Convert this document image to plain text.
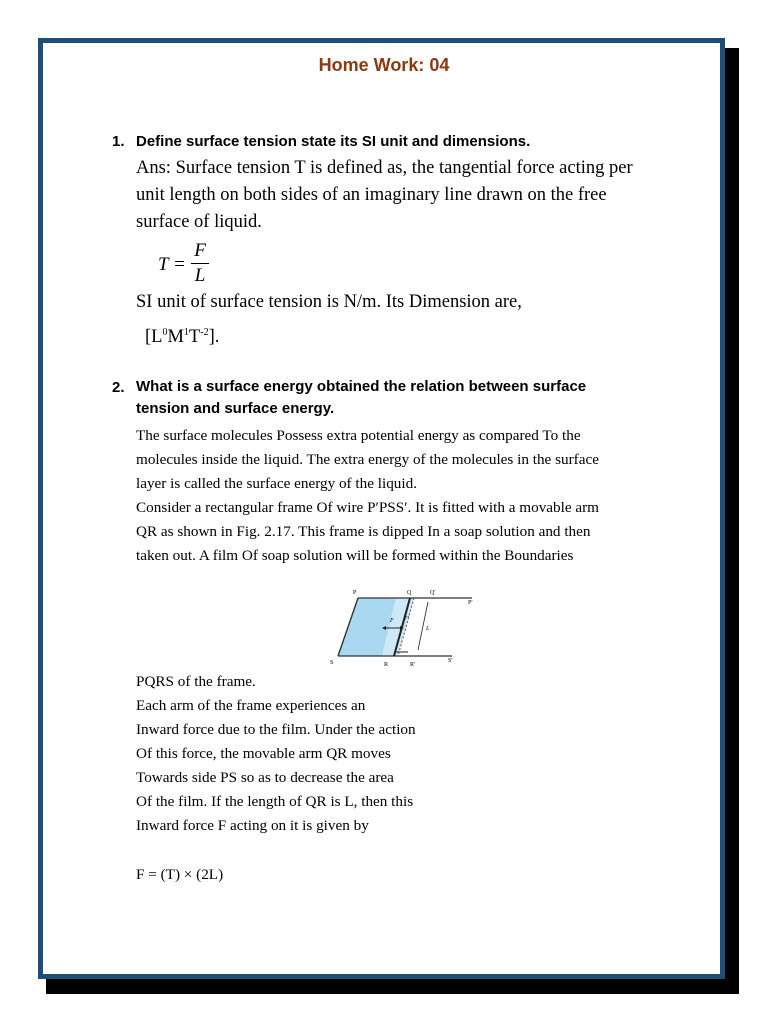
Home Work: 04
1. Define surface tension state its SI unit and dimensions.
Ans: Surface tension T is defined as, the tangential force acting per
unit length on both sides of an imaginary line drawn on the free
surface of liquid.
T =
F
L
SI unit of surface tension is N/m. Its Dimension are,
$[L^0M^1T^{-2}]$.
2. What is a surface energy obtained the relation between surface
tension and surface energy.
The surface molecules Possess extra potential energy as compared To the
molecules inside the liquid. The extra energy of the molecules in the surface
layer is called the surface energy of the liquid.
Consider a rectangular frame Of wire P′PSS′. It is fitted with a movable arm
QR as shown in Fig. 2.17. This frame is dipped In a soap solution and then
taken out. A film Of soap solution will be formed within the Boundaries
P	Q	Q′
P′
S	R	R′
S′
F F′
L
PQRS of the frame.
Each arm of the frame experiences an
Inward force due to the film. Under the action
Of this force, the movable arm QR moves
Towards side PS so as to decrease the area
Of the film. If the length of QR is L, then this
Inward force F acting on it is given by
F = (T) × (2L)
